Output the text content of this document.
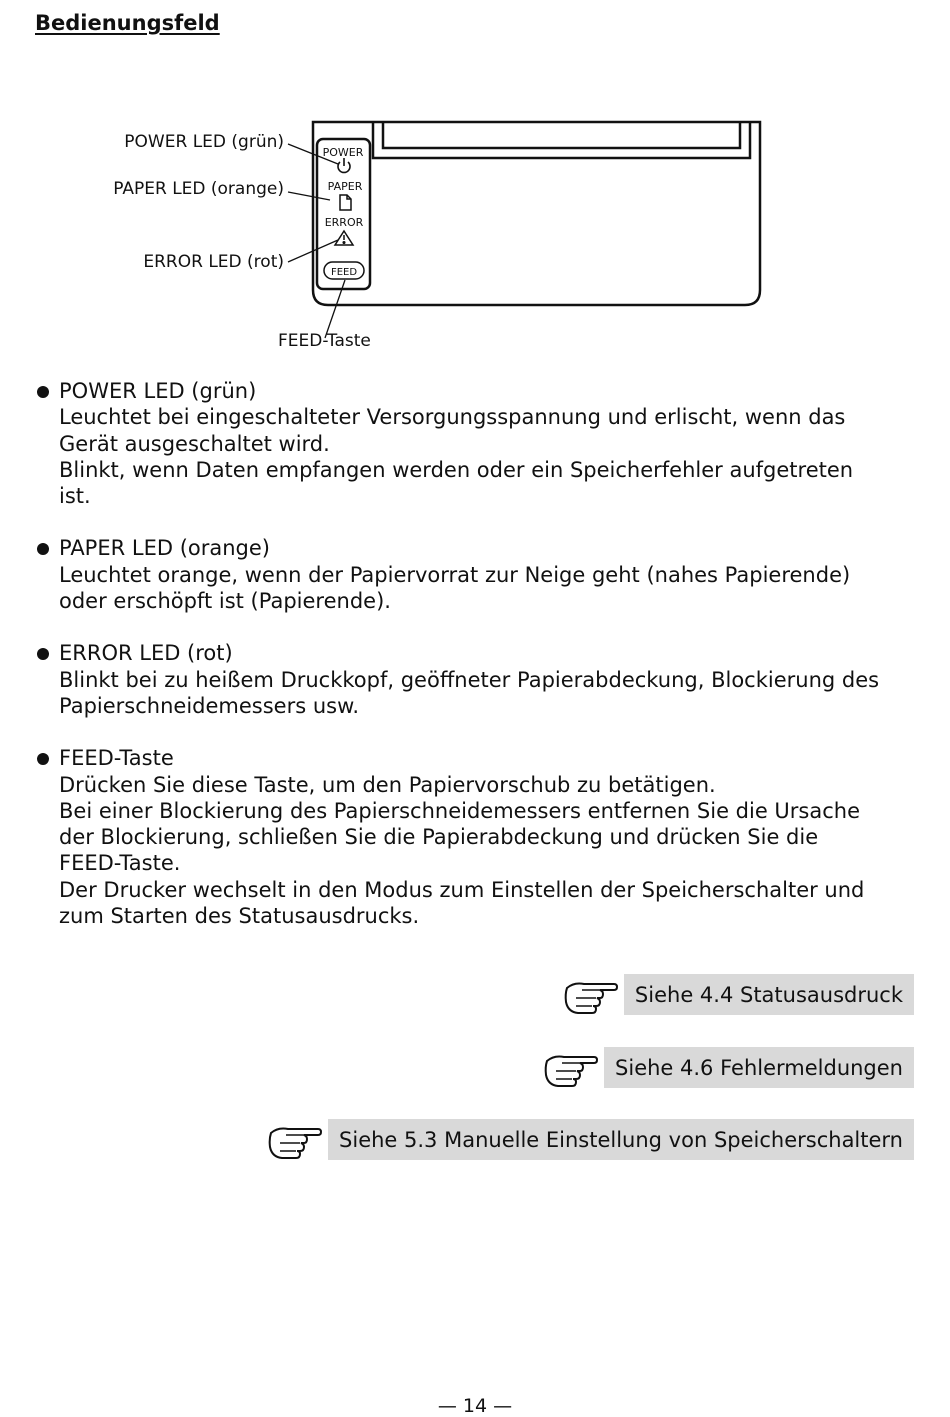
Bedienungsfeld
POWER
PAPER
ERROR
FEED
POWER LED (grün)
PAPER LED (orange)
ERROR LED (rot)
FEED-Taste
POWER LED (grün)
Leuchtet bei eingeschalteter Versorgungsspannung und erlischt, wenn das
Gerät ausgeschaltet wird.
Blinkt, wenn Daten empfangen werden oder ein Speicherfehler aufgetreten
ist.
PAPER LED (orange)
Leuchtet orange, wenn der Papiervorrat zur Neige geht (nahes Papierende)
oder erschöpft ist (Papierende).
ERROR LED (rot)
Blinkt bei zu heißem Druckkopf, geöffneter Papierabdeckung, Blockierung des
Papierschneidemessers usw.
FEED-Taste
Drücken Sie diese Taste, um den Papiervorschub zu betätigen.
Bei einer Blockierung des Papierschneidemessers entfernen Sie die Ursache
der Blockierung, schließen Sie die Papierabdeckung und drücken Sie die
FEED-Taste.
Der Drucker wechselt in den Modus zum Einstellen der Speicherschalter und
zum Starten des Statusausdrucks.
Siehe 4.4 Statusausdruck
Siehe 4.6 Fehlermeldungen
Siehe 5.3 Manuelle Einstellung von Speicherschaltern
— 14 —
